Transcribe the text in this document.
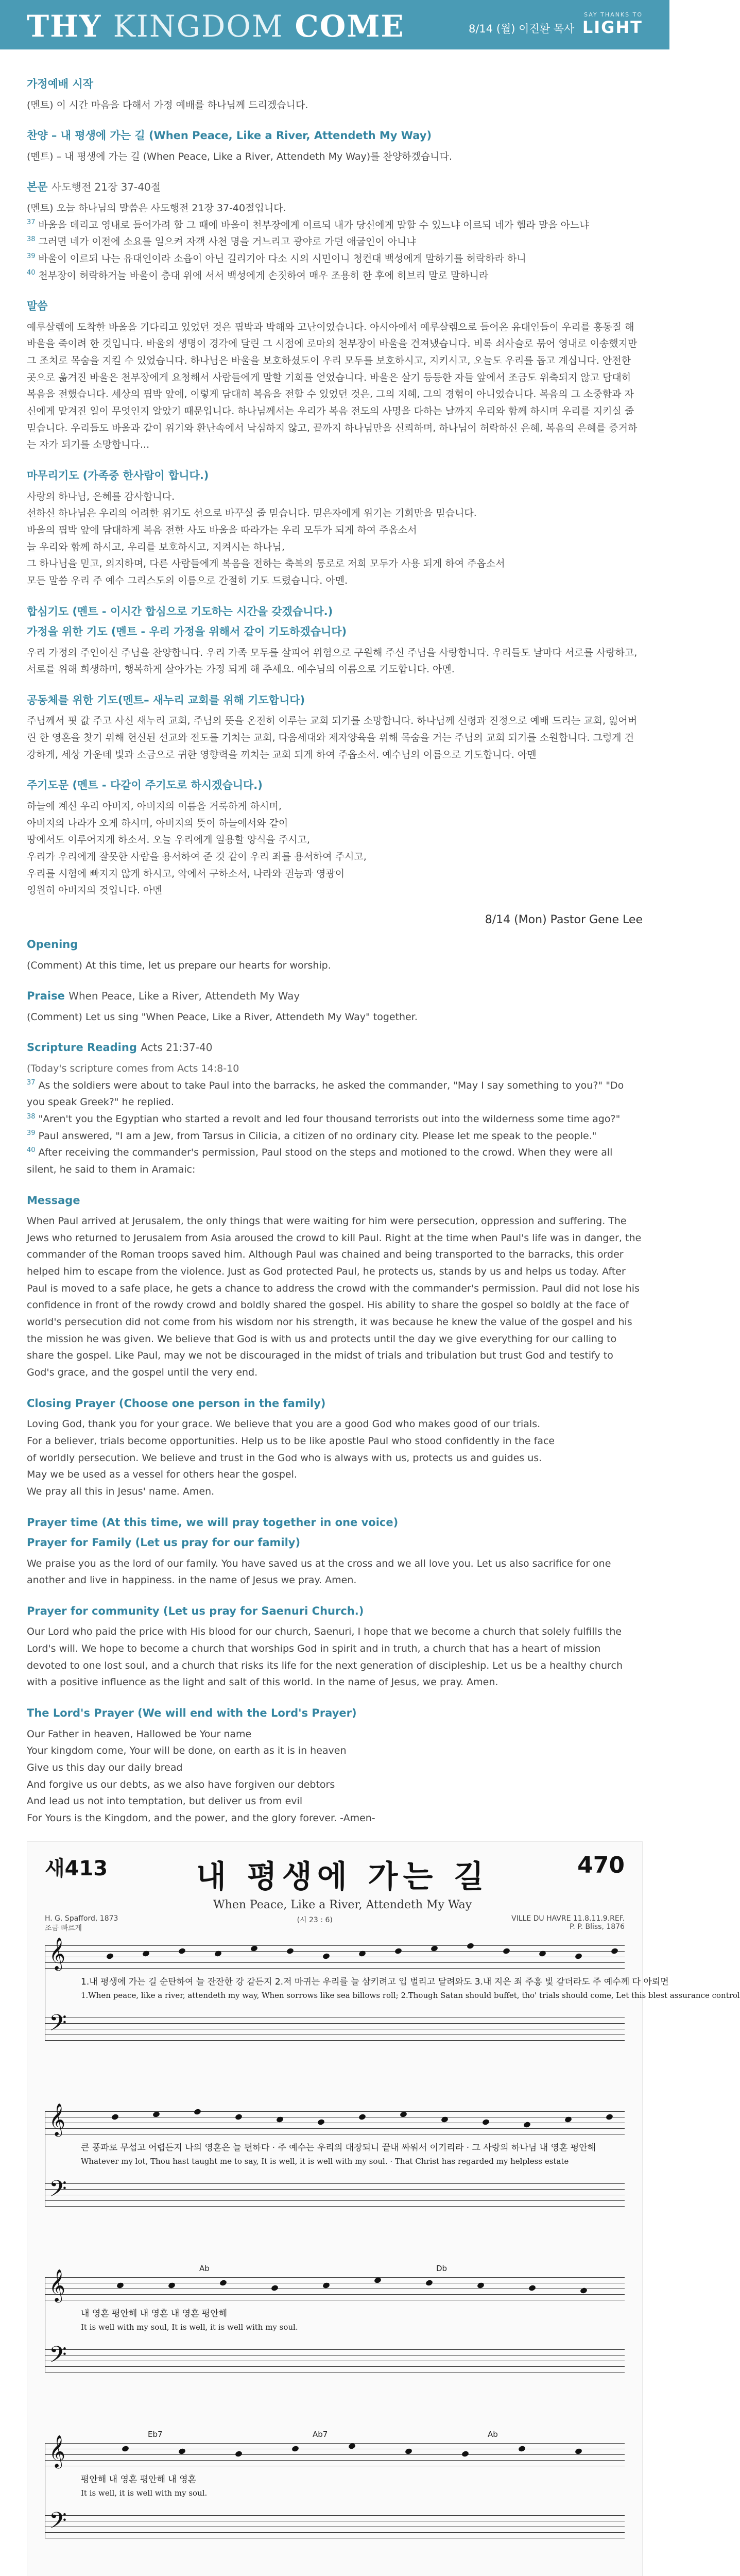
THY KINGDOM COME	8/14 (월) 이진환 목사
SAY THANKS TO
LIGHT
가정예배 시작
(멘트) 이 시간 마음을 다해서 가정 예배를 하나님께 드리겠습니다.
찬양 – 내 평생에 가는 길 (When Peace, Like a River, Attendeth My Way)
(멘트) – 내 평생에 가는 길 (When Peace, Like a River, Attendeth My Way)를 찬양하겠습니다.
본문 사도행전 21장 37-40절
(멘트) 오늘 하나님의 말씀은 사도행전 21장 37-40절입니다.
$^{37}$ 바울을 데리고 영내로 들어가려 할 그 때에 바울이 천부장에게 이르되 내가 당신에게 말할 수 있느냐 이르되 네가 헬라 말을 아느냐
$^{38}$ 그러면 네가 이전에 소요를 일으켜 자객 사천 명을 거느리고 광야로 가던 애굽인이 아니냐
$^{39}$ 바울이 이르되 나는 유대인이라 소읍이 아닌 길리기아 다소 시의 시민이니 청컨대 백성에게 말하기를 허락하라 하니
$^{40}$ 천부장이 허락하거늘 바울이 층대 위에 서서 백성에게 손짓하여 매우 조용히 한 후에 히브리 말로 말하니라
말씀
예루살렘에 도착한 바울을 기다리고 있었던 것은 핍박과 박해와 고난이었습니다. 아시아에서 예루살렘으로 들어온 유대인들이 우리를 흥동질 해 바울을 죽이려 한 것입니다. 바울의 생명이 경각에 달린 그 시점에 로마의 천부장이 바울을 건져냈습니다. 비록 쇠사슬로 묶어 영내로 이송했지만 그 조치로 목숨을 지킬 수 있었습니다. 하나님은 바울을 보호하셨도이 우리 모두를 보호하시고, 지키시고, 오늘도 우리를 돕고 계십니다. 안전한 곳으로 옮겨진 바울은 천부장에게 요청해서 사람들에게 말할 기회를 얻었습니다. 바울은 살기 등등한 자들 앞에서 조금도 위축되지 않고 담대히 복음을 전했습니다. 세상의 핍박 앞에, 이렇게 담대히 복음을 전할 수 있었던 것은, 그의 지혜, 그의 경험이 아니었습니다. 복음의 그 소중함과 자신에게 맡겨진 일이 무엇인지 알았기 때문입니다. 하나님께서는 우리가 복음 전도의 사명을 다하는 날까지 우리와 함께 하시며 우리를 지키실 줄 믿습니다. 우리들도 바울과 같이 위기와 환난속에서 낙심하지 않고, 끝까지 하나님만을 신뢰하며, 하나님이 허락하신 은혜, 복음의 은혜를 증거하는 자가 되기를 소망합니다...
마무리기도 (가족중 한사람이 합니다.)
사랑의 하나님, 은혜를 감사합니다.
선하신 하나님은 우리의 어려한 위기도 선으로 바꾸실 줄 믿습니다. 믿은자에게 위기는 기회만을 믿습니다.
바울의 핍박 앞에 담대하게 복음 전한 사도 바울을 따라가는 우리 모두가 되게 하여 주옵소서
늘 우리와 함께 하시고, 우리를 보호하시고, 지켜시는 하나님,
그 하나님을 믿고, 의지하며, 다른 사람들에게 복음을 전하는 축복의 통로로 저희 모두가 사용 되게 하여 주옵소서
모든 말씀 우리 주 예수 그리스도의 이름으로 간절히 기도 드렸습니다. 아멘.
합심기도 (멘트 - 이시간 합심으로 기도하는 시간을 갖겠습니다.)
가정을 위한 기도 (멘트 - 우리 가정을 위해서 같이 기도하겠습니다)
우리 가정의 주인이신 주님을 찬양합니다. 우리 가족 모두를 살피어 위험으로 구원해 주신 주님을 사랑합니다. 우리들도 날마다 서로를 사랑하고, 서로를 위해 희생하며, 행복하게 살아가는 가정 되게 해 주세요. 예수님의 이름으로 기도합니다. 아멘.
공동체를 위한 기도(멘트– 새누리 교회를 위해 기도합니다)
주님께서 핏 값 주고 사신 새누리 교회, 주님의 뜻을 온전히 이루는 교회 되기를 소망합니다. 하나님께 신령과 진정으로 예배 드리는 교회, 잃어버린 한 영혼을 찾기 위해 헌신된 선교와 전도를 기치는 교회, 다음세대와 제자양육을 위해 목숨을 거는 주님의 교회 되기를 소원합니다. 그렇게 건강하게, 세상 가운데 빛과 소금으로 귀한 영향력을 끼치는 교회 되게 하여 주옵소서. 예수님의 이름으로 기도합니다. 아멘
주기도문 (멘트 - 다같이 주기도로 하시겠습니다.)
하늘에 계신 우리 아버지, 아버지의 이름을 거룩하게 하시며,
아버지의 나라가 오게 하시며, 아버지의 뜻이 하늘에서와 같이
땅에서도 이루어지게 하소서. 오늘 우리에게 일용할 양식을 주시고,
우리가 우리에게 잘못한 사람을 용서하여 준 것 같이 우리 죄를 용서하여 주시고,
우리를 시험에 빠지지 않게 하시고, 악에서 구하소서, 나라와 권능과 영광이
영원히 아버지의 것입니다. 아멘
8/14 (Mon) Pastor Gene Lee
Opening
(Comment) At this time, let us prepare our hearts for worship.
Praise When Peace, Like a River, Attendeth My Way
(Comment) Let us sing "When Peace, Like a River, Attendeth My Way" together.
Scripture Reading Acts 21:37-40
(Today's scripture comes from Acts 14:8-10
$^{37}$ As the soldiers were about to take Paul into the barracks, he asked the commander, "May I say something to you?" "Do you speak Greek?" he replied.
$^{38}$ "Aren't you the Egyptian who started a revolt and led four thousand terrorists out into the wilderness some time ago?"
$^{39}$ Paul answered, "I am a Jew, from Tarsus in Cilicia, a citizen of no ordinary city. Please let me speak to the people."
$^{40}$ After receiving the commander's permission, Paul stood on the steps and motioned to the crowd. When they were all silent, he said to them in Aramaic:
Message
When Paul arrived at Jerusalem, the only things that were waiting for him were persecution, oppression and suffering. The Jews who returned to Jerusalem from Asia aroused the crowd to kill Paul. Right at the time when Paul's life was in danger, the commander of the Roman troops saved him. Although Paul was chained and being transported to the barracks, this order helped him to escape from the violence. Just as God protected Paul, he protects us, stands by us and helps us today. After Paul is moved to a safe place, he gets a chance to address the crowd with the commander's permission. Paul did not lose his confidence in front of the rowdy crowd and boldly shared the gospel. His ability to share the gospel so boldly at the face of world's persecution did not come from his wisdom nor his strength, it was because he knew the value of the gospel and his the mission he was given. We believe that God is with us and protects until the day we give everything for our calling to share the gospel. Like Paul, may we not be discouraged in the midst of trials and tribulation but trust God and testify to God's grace, and the gospel until the very end.
Closing Prayer (Choose one person in the family)
Loving God, thank you for your grace. We believe that you are a good God who makes good of our trials.
For a believer, trials become opportunities. Help us to be like apostle Paul who stood confidently in the face
of worldly persecution. We believe and trust in the God who is always with us, protects us and guides us.
May we be used as a vessel for others hear the gospel.
We pray all this in Jesus' name. Amen.
Prayer time (At this time, we will pray together in one voice)
Prayer for Family (Let us pray for our family)
We praise you as the lord of our family. You have saved us at the cross and we all love you. Let us also sacrifice for one another and live in happiness. in the name of Jesus we pray. Amen.
Prayer for community (Let us pray for Saenuri Church.)
Our Lord who paid the price with His blood for our church, Saenuri, I hope that we become a church that solely fulfills the Lord's will. We hope to become a church that worships God in spirit and in truth, a church that has a heart of mission devoted to one lost soul, and a church that risks its life for the next generation of discipleship. Let us be a healthy church with a positive influence as the light and salt of this world. In the name of Jesus, we pray. Amen.
The Lord's Prayer (We will end with the Lord's Prayer)
Our Father in heaven, Hallowed be Your name
Your kingdom come, Your will be done, on earth as it is in heaven
Give us this day our daily bread
And forgive us our debts, as we also have forgiven our debtors
And lead us not into temptation, but deliver us from evil
For Yours is the Kingdom, and the power, and the glory forever. -Amen-
새413	내 평생에 가는 길
When Peace, Like a River, Attendeth My Way
470
H. G. Spafford, 1873
조금 빠르게
(시 23 : 6)	VILLE DU HAVRE 11.8.11.9.REF.
P. P. Bliss, 1876
𝄞
1.내 평생에 가는 길 순탄하여 늘 잔잔한 강 같든지 2.저 마귀는 우리를 늘 삼키려고 입 벌리고 달려와도 3.내 지은 죄 주홍 빛 같더라도 주 예수께 다 아뢰면
1.When peace, like a river, attendeth my way, When sorrows like sea billows roll; 2.Though Satan should buffet, tho' trials should come, Let this blest assurance control
𝄢
𝄞
큰 풍파로 무섭고 어렵든지 나의 영혼은 늘 편하다 · 주 예수는 우리의 대장되니 끝내 싸워서 이기리라 · 그 사랑의 하나님 내 영혼 평안해
Whatever my lot, Thou hast taught me to say, It is well, it is well with my soul. · That Christ has regarded my helpless estate
𝄢
Ab	Db
𝄞
내 영혼 평안해 내 영혼 내 영혼 평안해
It is well with my soul, It is well, it is well with my soul.
𝄢
Eb7	Ab7	Ab
𝄞
평안해 내 영혼 평안해 내 영혼
It is well, it is well with my soul.
𝄢
